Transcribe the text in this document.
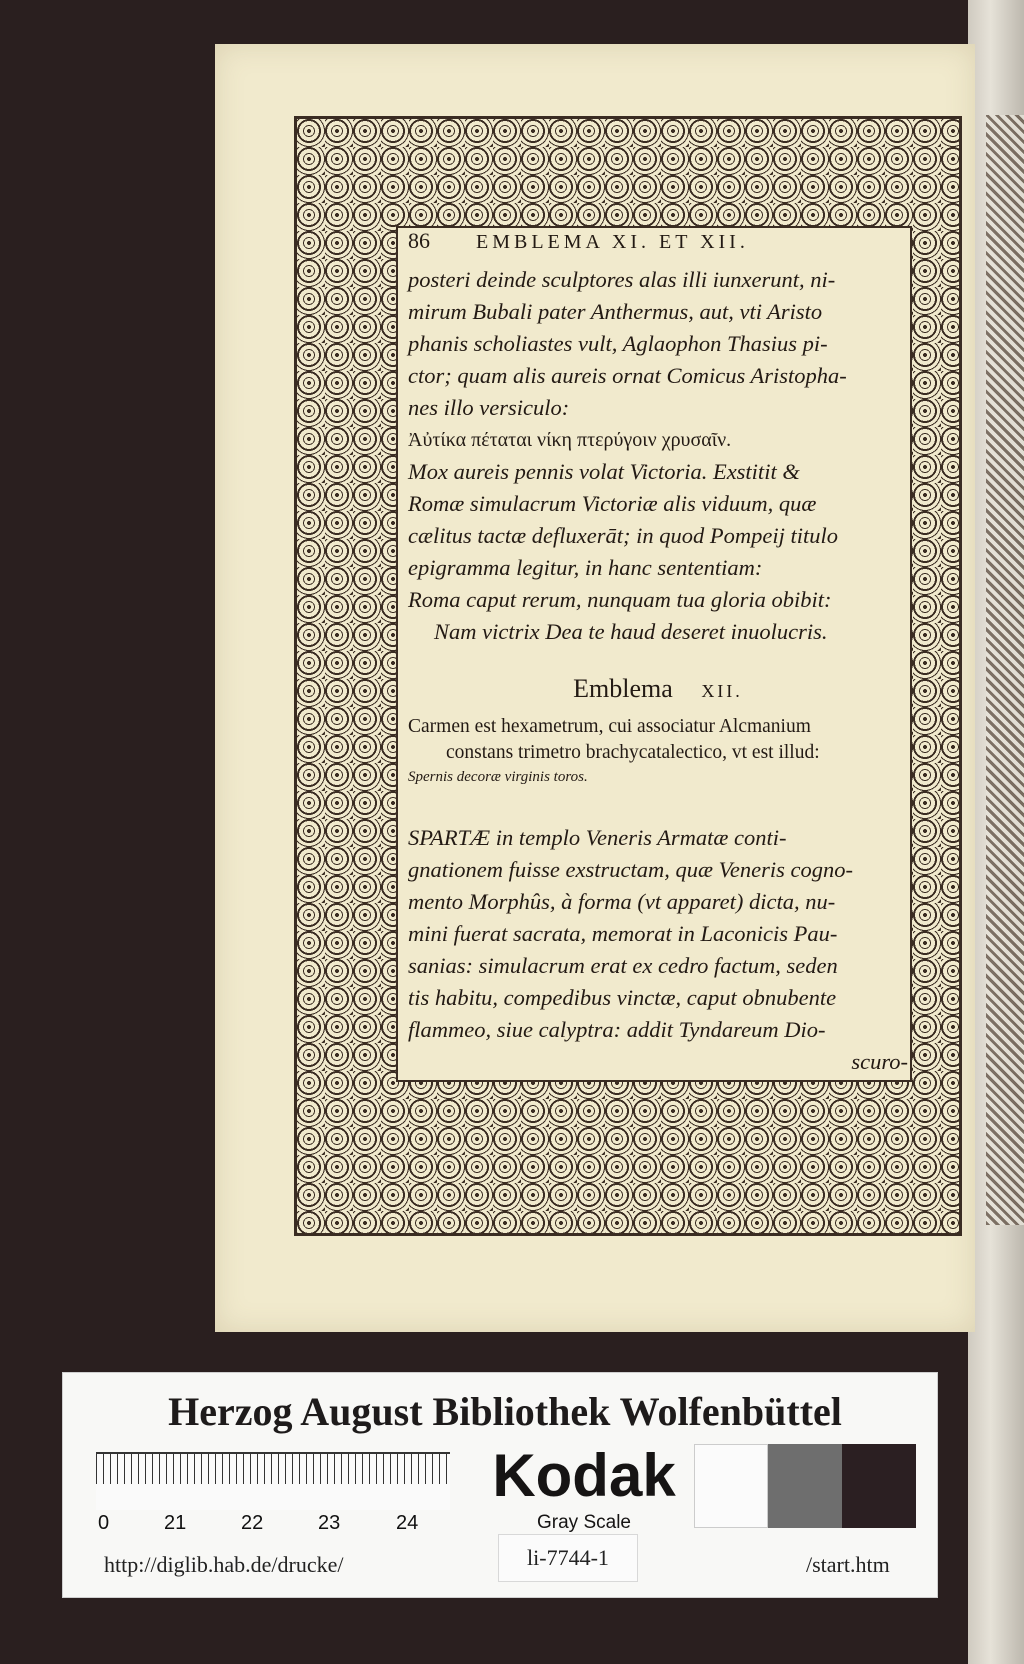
86 EMBLEMA XI. ET XII.

posteri deinde sculptores alas illi iunxerunt, ni-
mirum Bubali pater Anthermus, aut, vti Aristo
phanis scholiastes vult, Aglaophon Thasius pi-
ctor; quam alis aureis ornat Comicus Aristopha-
nes illo versiculo:
Ἀὐτίκα πέταται νίκη πτερύγοιν χρυσαῖν.
Mox aureis pennis volat Victoria. Exstitit &
Romæ simulacrum Victoriæ alis viduum, quæ
cælitus tactæ defluxerāt; in quod Pompeij titulo
epigramma legitur, in hanc sententiam:
Roma caput rerum, nunquam tua gloria obibit:
Nam victrix Dea te haud deseret inuolucris.

Emblema XII.

Carmen est hexametrum, cui associatur Alcmanium
constans trimetro brachycatalectico, vt est illud:
Spernis decoræ virginis toros.

SPARTÆ in templo Veneris Armatæ conti-
gnationem fuisse exstructam, quæ Veneris cogno-
mento Morphûs, à forma (vt apparet) dicta, nu-
mini fuerat sacrata, memorat in Laconicis Pau-
sanias: simulacrum erat ex cedro factum, seden
tis habitu, compedibus vinctæ, caput obnubente
flammeo, siue calyptra: addit Tyndareum Dio-
scuro-

Herzog August Bibliothek Wolfenbüttel
0	21	22	23	24
Kodak
Gray Scale
http://diglib.hab.de/drucke/	li-7744-1	/start.htm
